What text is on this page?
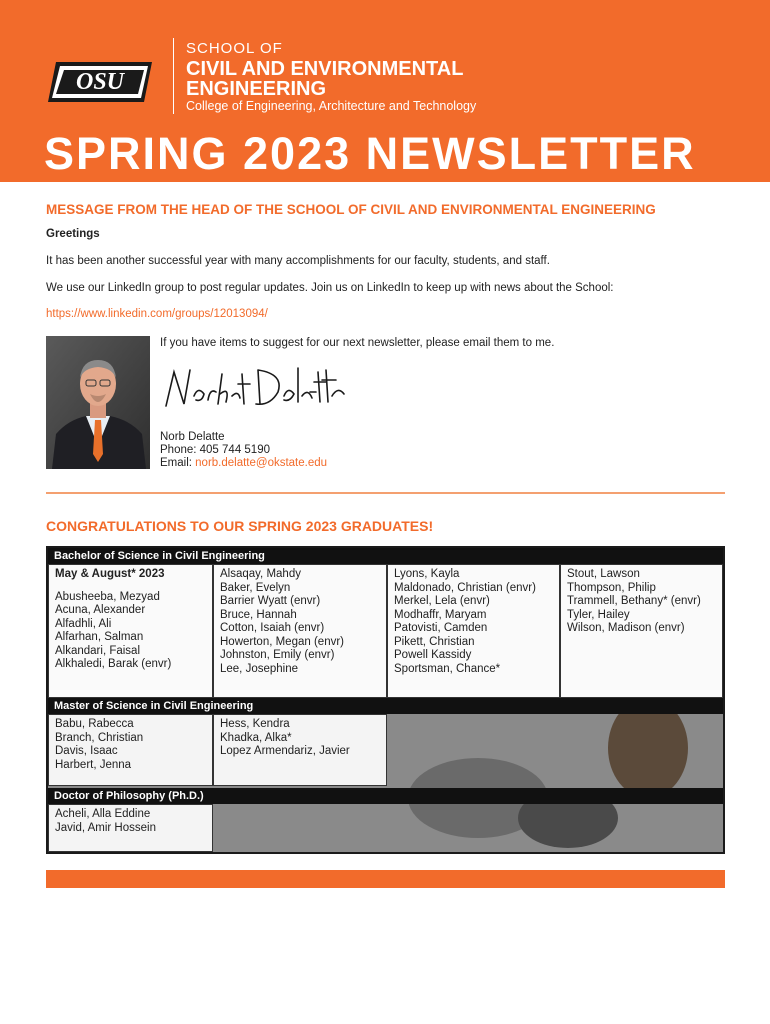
OSU
SCHOOL OF
CIVIL AND ENVIRONMENTAL
ENGINEERING
College of Engineering, Architecture and Technology
SPRING 2023 NEWSLETTER
MESSAGE FROM THE HEAD OF THE SCHOOL OF CIVIL AND ENVIRONMENTAL ENGINEERING
Greetings
It has been another successful year with many accomplishments for our faculty, students, and staff.
We use our LinkedIn group to post regular updates. Join us on LinkedIn to keep up with news about the School:
https://www.linkedin.com/groups/12013094/
If you have items to suggest for our next newsletter, please email them to me.
Norb Delatte
Phone: 405 744 5190
Email: norb.delatte@okstate.edu
CONGRATULATIONS TO OUR SPRING 2023 GRADUATES!
Bachelor of Science in Civil Engineering
May & August* 2023
Abusheeba, Mezyad
Acuna, Alexander
Alfadhli, Ali
Alfarhan, Salman
Alkandari, Faisal
Alkhaledi, Barak (envr)
Alsaqay, Mahdy
Baker, Evelyn
Barrier Wyatt (envr)
Bruce, Hannah
Cotton, Isaiah (envr)
Howerton, Megan (envr)
Johnston, Emily (envr)
Lee, Josephine
Lyons, Kayla
Maldonado, Christian (envr)
Merkel, Lela (envr)
Modhaffr, Maryam
Patovisti, Camden
Pikett, Christian
Powell Kassidy
Sportsman, Chance*
Stout, Lawson
Thompson, Philip
Trammell, Bethany* (envr)
Tyler, Hailey
Wilson, Madison (envr)
Master of Science in Civil Engineering
Babu, Rabecca
Branch, Christian
Davis, Isaac
Harbert, Jenna
Hess, Kendra
Khadka, Alka*
Lopez Armendariz, Javier
Doctor of Philosophy (Ph.D.)
Acheli, Alla Eddine
Javid, Amir Hossein
